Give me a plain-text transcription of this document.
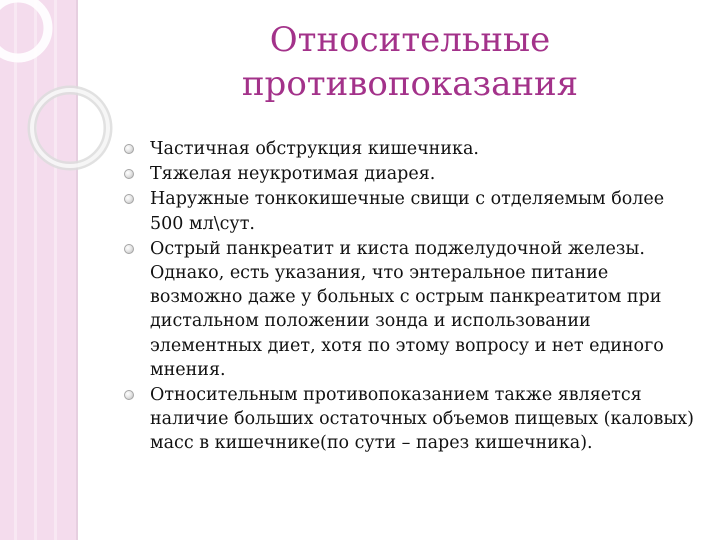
Относительные
противопоказания
Частичная обструкция кишечника.
Тяжелая неукротимая диарея.
Наружные тонкокишечные свищи с отделяемым более 500 мл\сут.
Острый панкреатит и киста поджелудочной железы. Однако, есть указания, что энтеральное питание возможно даже у больных с острым панкреатитом при дистальном положении зонда и использовании элементных диет, хотя по этому вопросу и нет единого мнения.
Относительным противопоказанием также является наличие больших остаточных объемов пищевых (каловых) масс в кишечнике(по сути – парез кишечника).
